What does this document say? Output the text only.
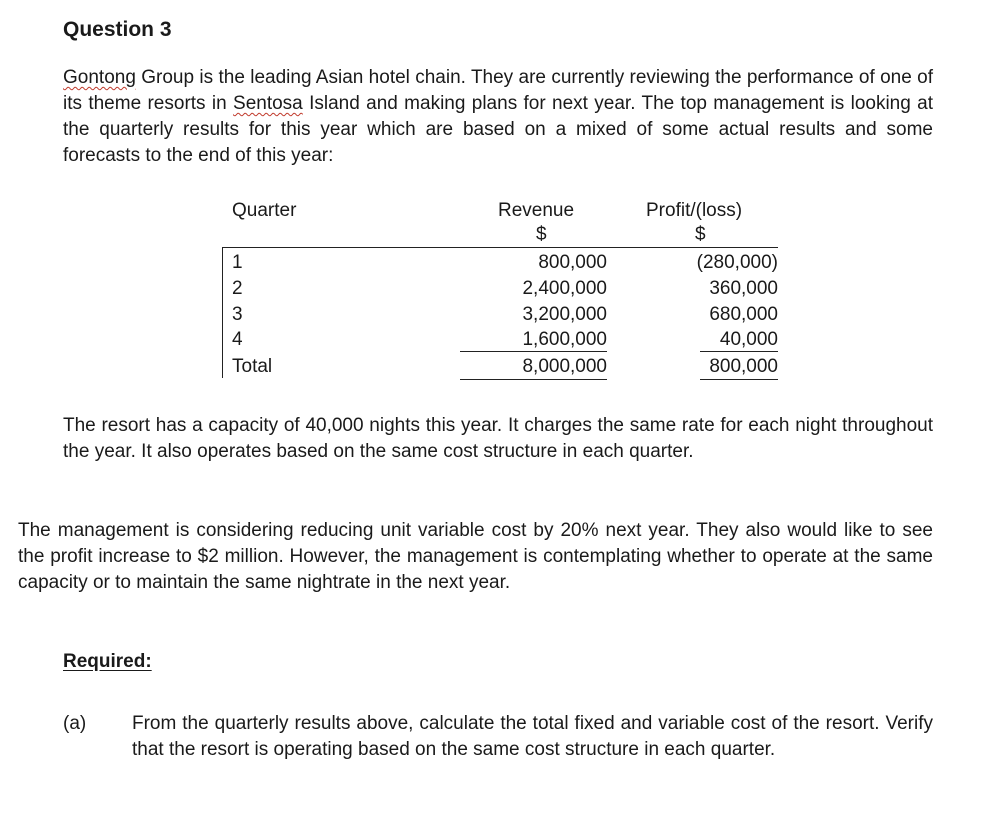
Question 3

Gontong Group is the leading Asian hotel chain. They are currently reviewing the performance of one of its theme resorts in Sentosa Island and making plans for next year. The top management is looking at the quarterly results for this year which are based on a mixed of some actual results and some forecasts to the end of this year:

Quarter	Revenue	Profit/(loss)
$	$
1	800,000	(280,000)
2	2,400,000	360,000
3	3,200,000	680,000
4	1,600,000	40,000
Total	8,000,000	800,000

The resort has a capacity of 40,000 nights this year. It charges the same rate for each night throughout the year. It also operates based on the same cost structure in each quarter.

The management is considering reducing unit variable cost by 20% next year. They also would like to see the profit increase to $2 million. However, the management is contemplating whether to operate at the same capacity or to maintain the same nightrate in the next year.

Required:
(a) From the quarterly results above, calculate the total fixed and variable cost of the resort. Verify that the resort is operating based on the same cost structure in each quarter.
